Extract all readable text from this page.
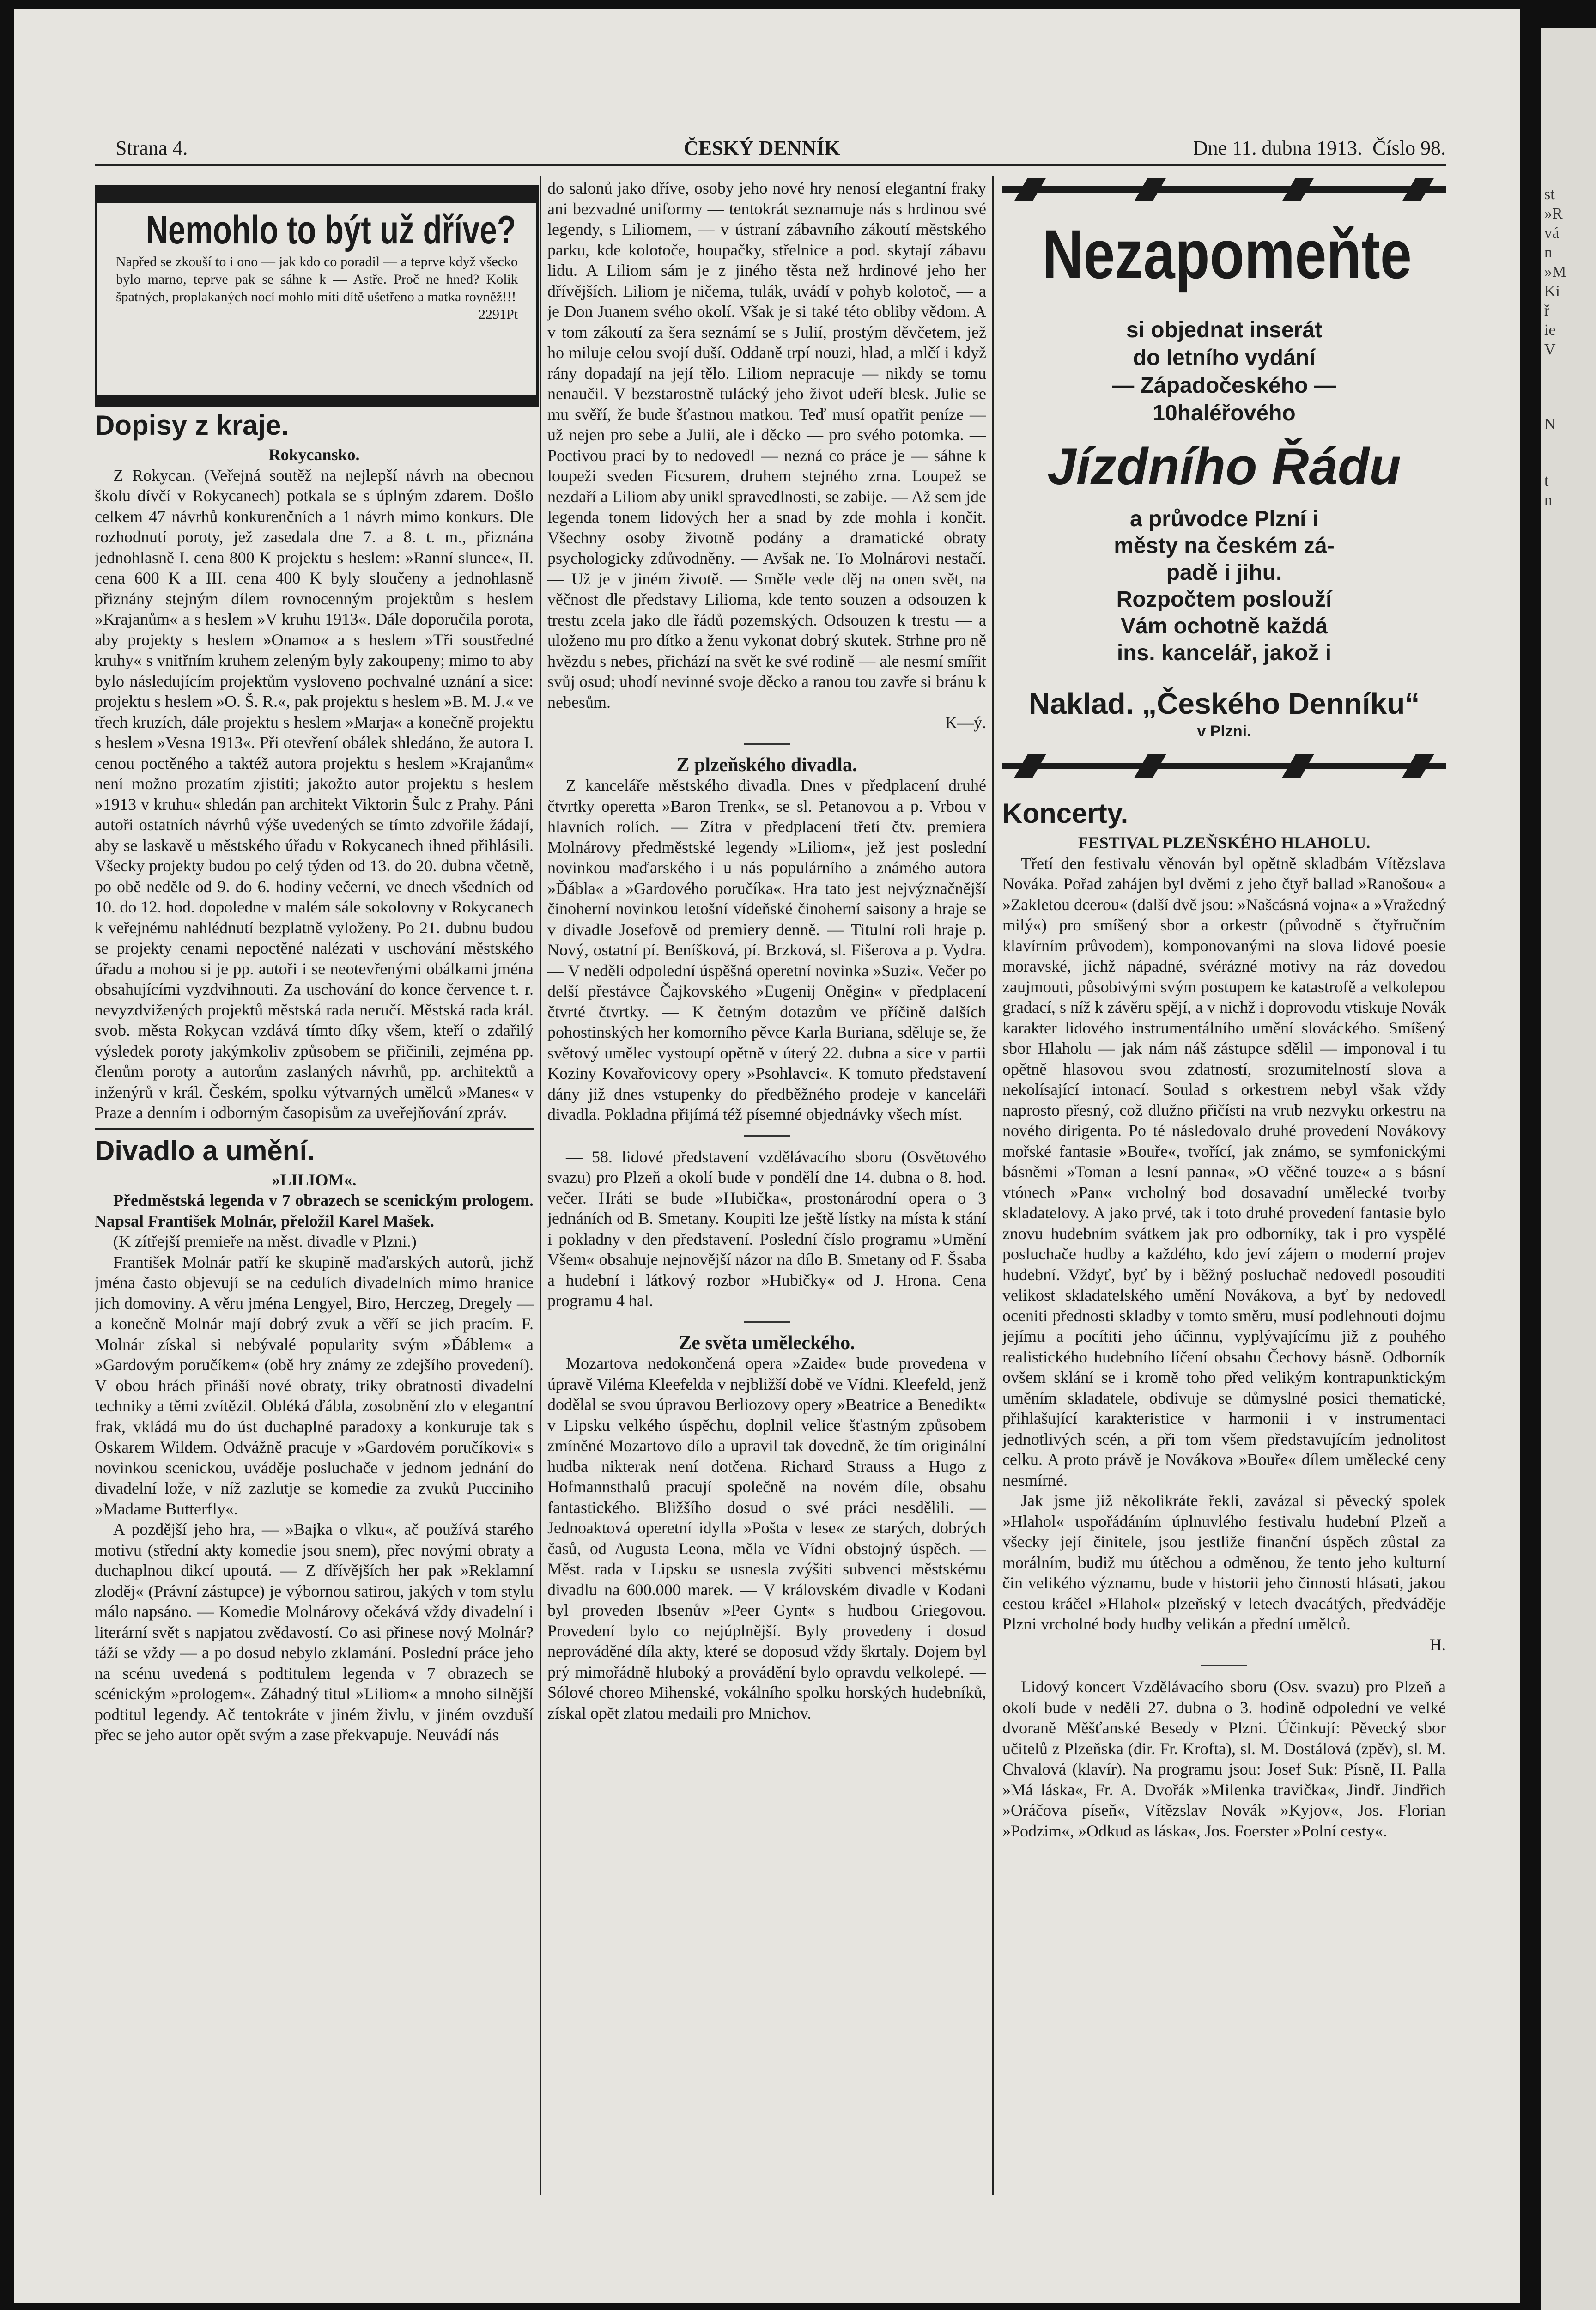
st
»R
vá
n
»M
Ki
ř
ie
V
N
t
n
Strana 4.	ČESKÝ DENNÍK	Dne 11. dubna 1913. Číslo 98.
Nemohlo to být už dříve?
Napřed se zkouší to i ono — jak kdo co poradil — a teprve když všecko bylo marno, teprve pak se sáhne k — Astře. Proč ne hned? Kolik špatných, proplakaných nocí mohlo míti dítě ušetřeno a matka rovněž!!!
2291Pt
Dopisy z kraje.

Rokycansko.

Z Rokycan. (Veřejná soutěž na nejlepší návrh na obecnou školu dívčí v Rokycanech) potkala se s úplným zdarem. Došlo celkem 47 návrhů konkurenčních a 1 návrh mimo konkurs. Dle rozhodnutí poroty, jež zasedala dne 7. a 8. t. m., přiznána jednohlasně I. cena 800 K projektu s heslem: »Ranní slunce«, II. cena 600 K a III. cena 400 K byly sloučeny a jednohlasně přiznány stejným dílem rovnocenným projektům s heslem »Krajanům« a s heslem »V kruhu 1913«. Dále doporučila porota, aby projekty s heslem »Onamo« a s heslem »Tři soustředné kruhy« s vnitřním kruhem zeleným byly zakoupeny; mimo to aby bylo následujícím projektům vysloveno pochvalné uznání a sice: projektu s heslem »O. Š. R.«, pak projektu s heslem »B. M. J.« ve třech kruzích, dále projektu s heslem »Marja« a konečně projektu s heslem »Vesna 1913«. Při otevření obálek shledáno, že autora I. cenou poctěného a taktéž autora projektu s heslem »Krajanům« není možno prozatím zjistiti; jakožto autor projektu s heslem »1913 v kruhu« shledán pan architekt Viktorin Šulc z Prahy. Páni autoři ostatních návrhů výše uvedených se tímto zdvořile žádají, aby se laskavě u městského úřadu v Rokycanech ihned přihlásili. Všecky projekty budou po celý týden od 13. do 20. dubna včetně, po obě neděle od 9. do 6. hodiny večerní, ve dnech všedních od 10. do 12. hod. dopoledne v malém sále sokolovny v Rokycanech k veřejnému nahlédnutí bezplatně vyloženy. Po 21. dubnu budou se projekty cenami nepoctěné nalézati v uschování městského úřadu a mohou si je pp. autoři i se neotevřenými obálkami jména obsahujícími vyzdvihnouti. Za uschování do konce července t. r. nevyzdvižených projektů městská rada neručí. Městská rada král. svob. města Rokycan vzdává tímto díky všem, kteří o zdařilý výsledek poroty jakýmkoliv způsobem se přičinili, zejména pp. členům poroty a autorům zaslaných návrhů, pp. architektů a inženýrů v král. Českém, spolku výtvarných umělců »Manes« v Praze a denním i odborným časopisům za uveřejňování zpráv.

Divadlo a umění.

»LILIOM«.

Předměstská legenda v 7 obrazech se scenickým prologem. Napsal František Molnár, přeložil Karel Mašek.

(K zítřejší premieře na měst. divadle v Plzni.)

František Molnár patří ke skupině maďarských autorů, jichž jména často objevují se na cedulích divadelních mimo hranice jich domoviny. A věru jména Lengyel, Biro, Herczeg, Dregely — a konečně Molnár mají dobrý zvuk a věří se jich pracím. F. Molnár získal si nebývalé popularity svým »Ďáblem« a »Gardovým poručíkem« (obě hry známy ze zdejšího provedení). V obou hrách přináší nové obraty, triky obratnosti divadelní techniky a těmi zvítězil. Obléká ďábla, zosobnění zlo v elegantní frak, vkládá mu do úst duchaplné paradoxy a konkuruje tak s Oskarem Wildem. Odvážně pracuje v »Gardovém poručíkovi« s novinkou scenickou, uváděje posluchače v jednom jednání do divadelní lože, v níž zazlutje se komedie za zvuků Pucciniho »Madame Butterfly«.

A pozdější jeho hra, — »Bajka o vlku«, ač používá starého motivu (střední akty komedie jsou snem), přec novými obraty a duchaplnou dikcí upoutá. — Z dřívějších her pak »Reklamní zloděj« (Právní zástupce) je výbornou satirou, jakých v tom stylu málo napsáno. — Komedie Molnárovy očekává vždy divadelní i literární svět s napjatou zvědavostí. Co asi přinese nový Molnár? táží se vždy — a po dosud nebylo zklamání. Poslední práce jeho na scénu uvedená s podtitulem legenda v 7 obrazech se scénickým »prologem«. Záhadný titul »Liliom« a mnoho silnější podtitul legendy. Ač tentokráte v jiném živlu, v jiném ovzduší přec se jeho autor opět svým a zase překvapuje. Neuvádí nás

do salonů jako dříve, osoby jeho nové hry nenosí elegantní fraky ani bezvadné uniformy — tentokrát seznamuje nás s hrdinou své legendy, s Liliomem, — v ústraní zábavního zákoutí městského parku, kde kolotoče, houpačky, střelnice a pod. skytají zábavu lidu. A Liliom sám je z jiného těsta než hrdinové jeho her dřívějších. Liliom je ničema, tulák, uvádí v pohyb kolotoč, — a je Don Juanem svého okolí. Však je si také této obliby vědom. A v tom zákoutí za šera seznámí se s Julií, prostým děvčetem, jež ho miluje celou svojí duší. Oddaně trpí nouzi, hlad, a mlčí i když rány dopadají na její tělo. Liliom nepracuje — nikdy se tomu nenaučil. V bezstarostně tulácký jeho život udeří blesk. Julie se mu svěří, že bude šťastnou matkou. Teď musí opatřit peníze — už nejen pro sebe a Julii, ale i děcko — pro svého potomka. — Poctivou prací by to nedovedl — nezná co práce je — sáhne k loupeži sveden Ficsurem, druhem stejného zrna. Loupež se nezdaří a Liliom aby unikl spravedlnosti, se zabije. — Až sem jde legenda tonem lidových her a snad by zde mohla i končit. Všechny osoby životně podány a dramatické obraty psychologicky zdůvodněny. — Avšak ne. To Molnárovi nestačí. — Už je v jiném životě. — Směle vede děj na onen svět, na věčnost dle představy Liliomа, kde tento souzen a odsouzen k trestu zcela jako dle řádů pozemských. Odsouzen k trestu — a uloženo mu pro dítko a ženu vykonat dobrý skutek. Strhne pro ně hvězdu s nebes, přichází na svět ke své rodině — ale nesmí smířit svůj osud; uhodí nevinné svoje děcko a ranou tou zavře si bránu k nebesům.

K—ý.

Z plzeňského divadla.

Z kanceláře městského divadla. Dnes v předplacení druhé čtvrtky operetta »Baron Trenk«, se sl. Petanovou a p. Vrbou v hlavních rolích. — Zítra v předplacení třetí čtv. premiera Molnárovy předměstské legendy »Liliom«, jež jest poslední novinkou maďarského i u nás populárního a známého autora »Ďábla« a »Gardového poručíka«. Hra tato jest nejvýznačnější činoherní novinkou letošní vídeňské činoherní saisony a hraje se v divadle Josefově od premiery denně. — Titulní roli hraje p. Nový, ostatní pí. Beníšková, pí. Brzková, sl. Fišerova a p. Vydra. — V neděli odpolední úspěšná operetní novinka »Suzi«. Večer po delší přestávce Čajkovského »Eugenij Oněgin« v předplacení čtvrté čtvrtky. — K četným dotazům ve příčině dalších pohostinských her komorního pěvce Karla Buriana, sdělujе se, že světový umělec vystoupí opětně v úterý 22. dubna a sice v partii Koziny Kovařovicovy opery »Psohlavci«. K tomuto představení dány již dnes vstupenky do předběžného prodeje v kanceláři divadla. Pokladna přijímá též písemné objednávky všech míst.

— 58. lidové představení vzdělávacího sboru (Osvětového svazu) pro Plzeň a okolí bude v pondělí dne 14. dubna o 8. hod. večer. Hráti se bude »Hubička«, prostonárodní opera o 3 jednáních od B. Smetany. Koupiti lze ještě lístky na místa k stání i pokladny v den představení. Poslední číslo programu »Umění Všem« obsahuje nejnovější názor na dílo B. Smetany od F. Šsaba a hudební i látkový rozbor »Hubičky« od J. Hrona. Cena programu 4 hal.

Ze světa uměleckého.

Mozartova nedokončená opera »Zaide« bude provedena v úpravě Viléma Kleefelda v nejbližší době ve Vídni. Kleefeld, jenž dodělal se svou úpravou Berliozovy opery »Beatrice a Benedikt« v Lipsku velkého úspěchu, doplnil velice šťastným způsobem zmíněné Mozartovo dílo a upravil tak dovedně, že tím originální hudba nikterak není dotčena. Richard Strauss a Hugo z Hofmannsthalů pracují společně na novém díle, obsahu fantastického. Bližšího dosud o své práci nesdělili. — Jednoaktová operetní idylla »Pošta v lese« ze starých, dobrých časů, od Augusta Leona, měla ve Vídni obstojný úspěch. — Měst. rada v Lipsku se usnesla zvýšiti subvenci městskému divadlu na 600.000 marek. — V královském divadle v Kodani byl proveden Ibsenův »Peer Gynt« s hudbou Griegovou. Provedení bylo co nejúplnější. Byly provedeny i dosud neprováděné díla akty, které se doposud vždy škrtaly. Dojem byl prý mimořádně hluboký a provádění bylo opravdu velkolepé. — Sólové choreo Mihenské, vokálního spolku horských hudebníků, získal opět zlatou medaili pro Mnichov.

Nezapomeňte
si objednat inserát
do letního vydání
— Západočeského —
10haléřového
Jízdního Řádu
a průvodce Plzní i
městy na českém zá-
padě i jihu.
Rozpočtem poslouží
Vám ochotně každá
ins. kancelář, jakož i
Naklad. „Českého Denníku“
v Plzni.
Koncerty.

FESTIVAL PLZEŇSKÉHO HLAHOLU.

Třetí den festivalu věnován byl opětně skladbám Vítězslava Nováka. Pořad zahájen byl dvěmi z jeho čtyř ballad »Ranošou« a »Zakletou dcerou« (další dvě jsou: »Našcásná vojna« a »Vražedný milý«) pro smíšený sbor a orkestr (původně s čtyřručním klavírním průvodem), komponovanými na slova lidové poesie moravské, jichž nápadné, svérázné motivy na ráz dovedou zaujmouti, působivými svým postupem ke katastrofě a velkolepou gradací, s níž k závěru spějí, a v nichž i doprovodu vtiskuje Novák karakter lidového instrumentálního umění slováckého. Smíšený sbor Hlaholu — jak nám náš zástupce sdělil — imponoval i tu opětně hlasovou svou zdatností, srozumitelností slova a nekolísající intonací. Soulad s orkestrem nebyl však vždy naprosto přesný, což dlužno přičísti na vrub nezvyku orkestru na nového dirigenta. Po té následovalo druhé provedení Novákovy mořské fantasie »Bouře«, tvořící, jak známo, se symfonickými básněmi »Toman a lesní panna«, »O věčné touze« a s básní vtónech »Pan« vrcholný bod dosavadní umělecké tvorby skladatelovy. A jako prvé, tak i toto druhé provedení fantasie bylo znovu hudebním svátkem jak pro odborníky, tak i pro vyspělé posluchače hudby a každého, kdo jeví zájem o moderní projev hudební. Vždyť, byť by i běžný posluchač nedovedl posouditi velikost skladatelského umění Novákova, a byť by nedovedl oceniti přednosti skladby v tomto směru, musí podlehnouti dojmu jejímu a pocítiti jeho účinnu, vyplývajícímu již z pouhého realistického hudebního líčení obsahu Čechovy básně. Odborník ovšem sklání se i kromě toho před velikým kontrapunktickým uměním skladatele, obdivuje se důmyslné posici thematické, přihlašující karakteristice v harmonii i v instrumentaci jednotlivých scén, a při tom všem představujícím jednolitost celku. A proto právě je Novákova »Bouře« dílem umělecké ceny nesmírné.

Jak jsme již několikráte řekli, zavázal si pěvecký spolek »Hlahol« uspořádáním úplnuvlého festivalu hudební Plzeň a všecky její činitele, jsou jestliže finanční úspěch zůstal za morálním, budiž mu útěchou a odměnou, že tento jeho kulturní čin velikého významu, bude v historii jeho činnosti hlásati, jakou cestou kráčel »Hlahol« plzeňský v letech dvacátých, předváděje Plzni vrcholné body hudby velikán a přední umělců.

H.

Lidový koncert Vzdělávacího sboru (Osv. svazu) pro Plzeň a okolí bude v neděli 27. dubna o 3. hodině odpolední ve velké dvoraně Měšťanské Besedy v Plzni. Účinkují: Pěvecký sbor učitelů z Plzeňska (dir. Fr. Krofta), sl. M. Dostálová (zpěv), sl. M. Chvalová (klavír). Na programu jsou: Josef Suk: Písně, H. Palla »Má láska«, Fr. A. Dvořák »Milenka travička«, Jindř. Jindřich »Oráčova píseň«, Vítězslav Novák »Kyjov«, Jos. Florian »Podzim«, »Odkud as láska«, Jos. Foerster »Polní cesty«.
